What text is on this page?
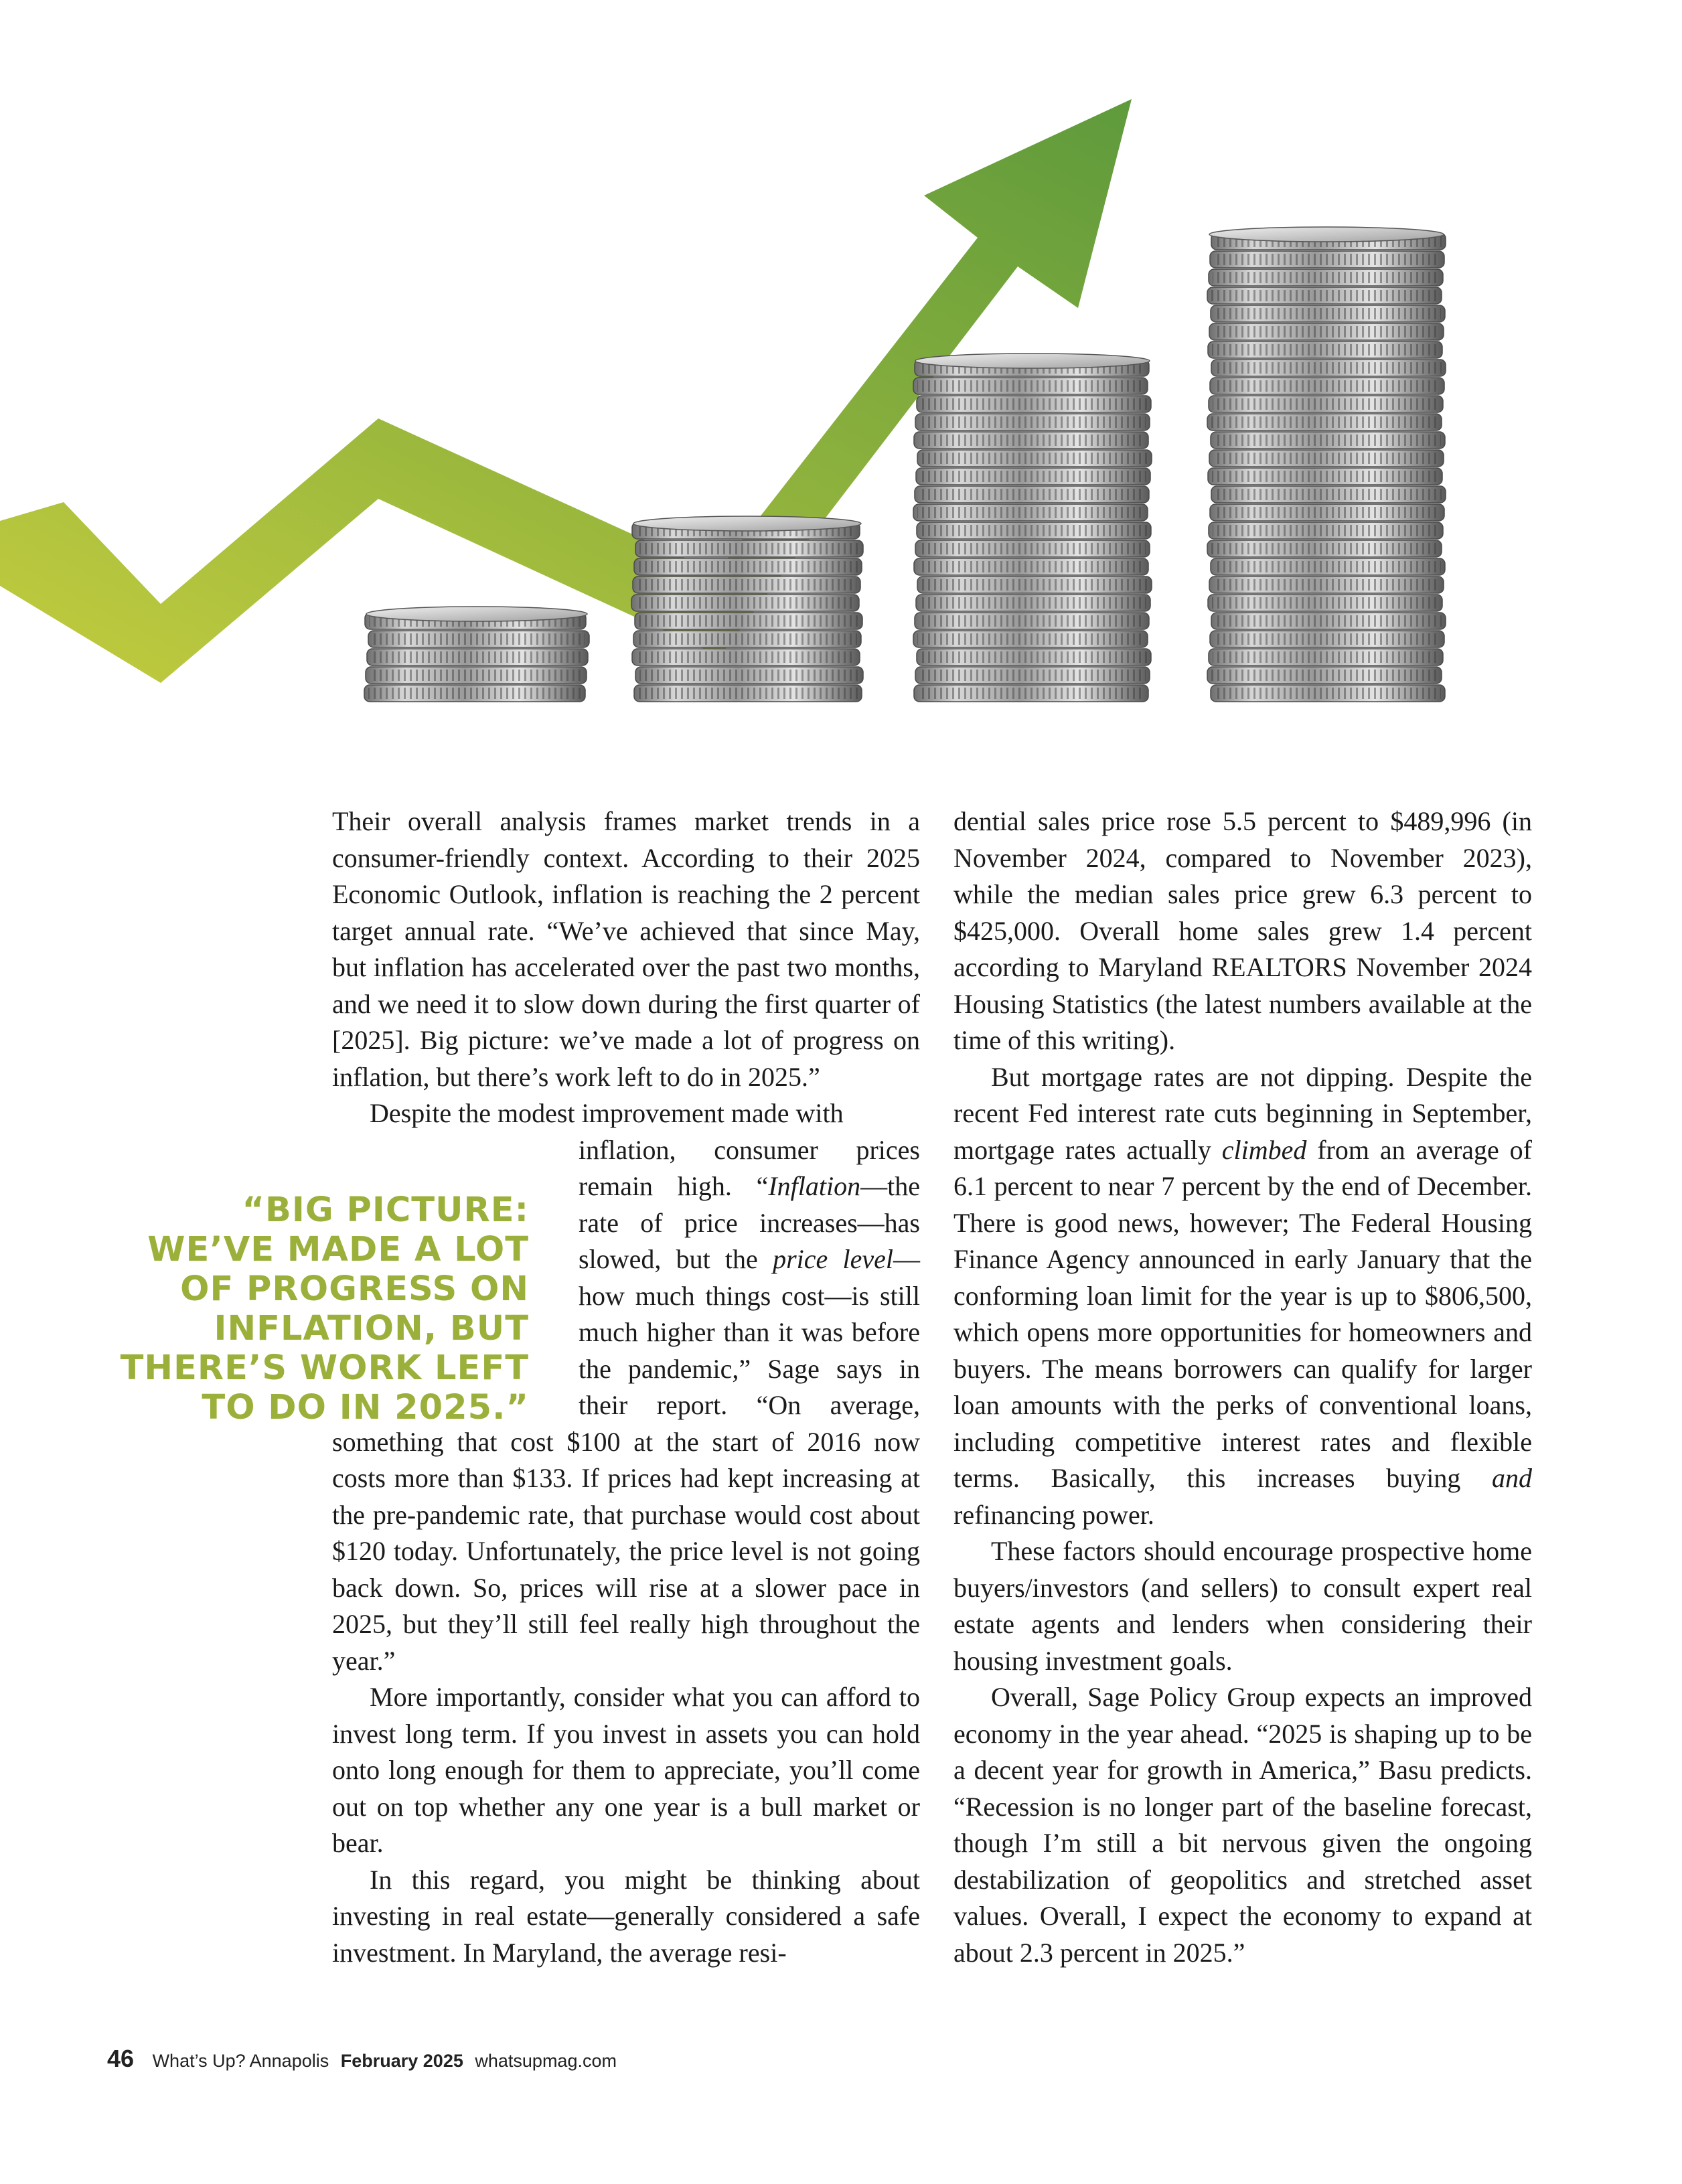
“BIG PICTURE:
WE’VE MADE A LOT
OF PROGRESS ON
INFLATION, BUT
THERE’S WORK LEFT
TO DO IN 2025.”

Their overall analysis frames market trends in a consumer-friendly context. According to their 2025 Economic Outlook, inflation is reaching the 2 percent target annual rate. “We’ve achieved that since May, but inflation has accelerated over the past two months, and we need it to slow down during the first quarter of [2025]. Big picture: we’ve made a lot of progress on inflation, but there’s work left to do in 2025.”

Despite the modest improvement made with

inflation, consumer prices remain high. “Inflation—the rate of price increases—has slowed, but the price level—how much things cost—is still much higher than it was before the pandemic,” Sage says in their report. “On average, something that cost $100 at the start of 2016 now costs more than $133. If prices had kept increasing at the pre-pandemic rate, that purchase would cost about $120 today. Unfortunately, the price level is not going back down. So, prices will rise at a slower pace in 2025, but they’ll still feel really high throughout the year.”

More importantly, consider what you can afford to invest long term. If you invest in assets you can hold onto long enough for them to appreciate, you’ll come out on top whether any one year is a bull market or bear.

In this regard, you might be thinking about investing in real estate—generally considered a safe investment. In Maryland, the average resi-

dential sales price rose 5.5 percent to $489,996 (in November 2024, compared to November 2023), while the median sales price grew 6.3 percent to $425,000. Overall home sales grew 1.4 percent according to Maryland REALTORS November 2024 Housing Statistics (the latest numbers available at the time of this writing).

But mortgage rates are not dipping. Despite the recent Fed interest rate cuts beginning in September, mortgage rates actually climbed from an average of 6.1 percent to near 7 percent by the end of December. There is good news, however; The Federal Housing Finance Agency announced in early January that the conforming loan limit for the year is up to $806,500, which opens more opportunities for homeowners and buyers. The means borrowers can qualify for larger loan amounts with the perks of conventional loans, including competitive interest rates and flexible terms. Basically, this increases buying and refinancing power.

These factors should encourage prospective home buyers/investors (and sellers) to consult expert real estate agents and lenders when considering their housing investment goals.

Overall, Sage Policy Group expects an improved economy in the year ahead. “2025 is shaping up to be a decent year for growth in America,” Basu predicts. “Recession is no longer part of the baseline forecast, though I’m still a bit nervous given the ongoing destabilization of geopolitics and stretched asset values. Overall, I expect the economy to expand at about 2.3 percent in 2025.”

46 What’s Up? Annapolis February 2025 whatsupmag.com
